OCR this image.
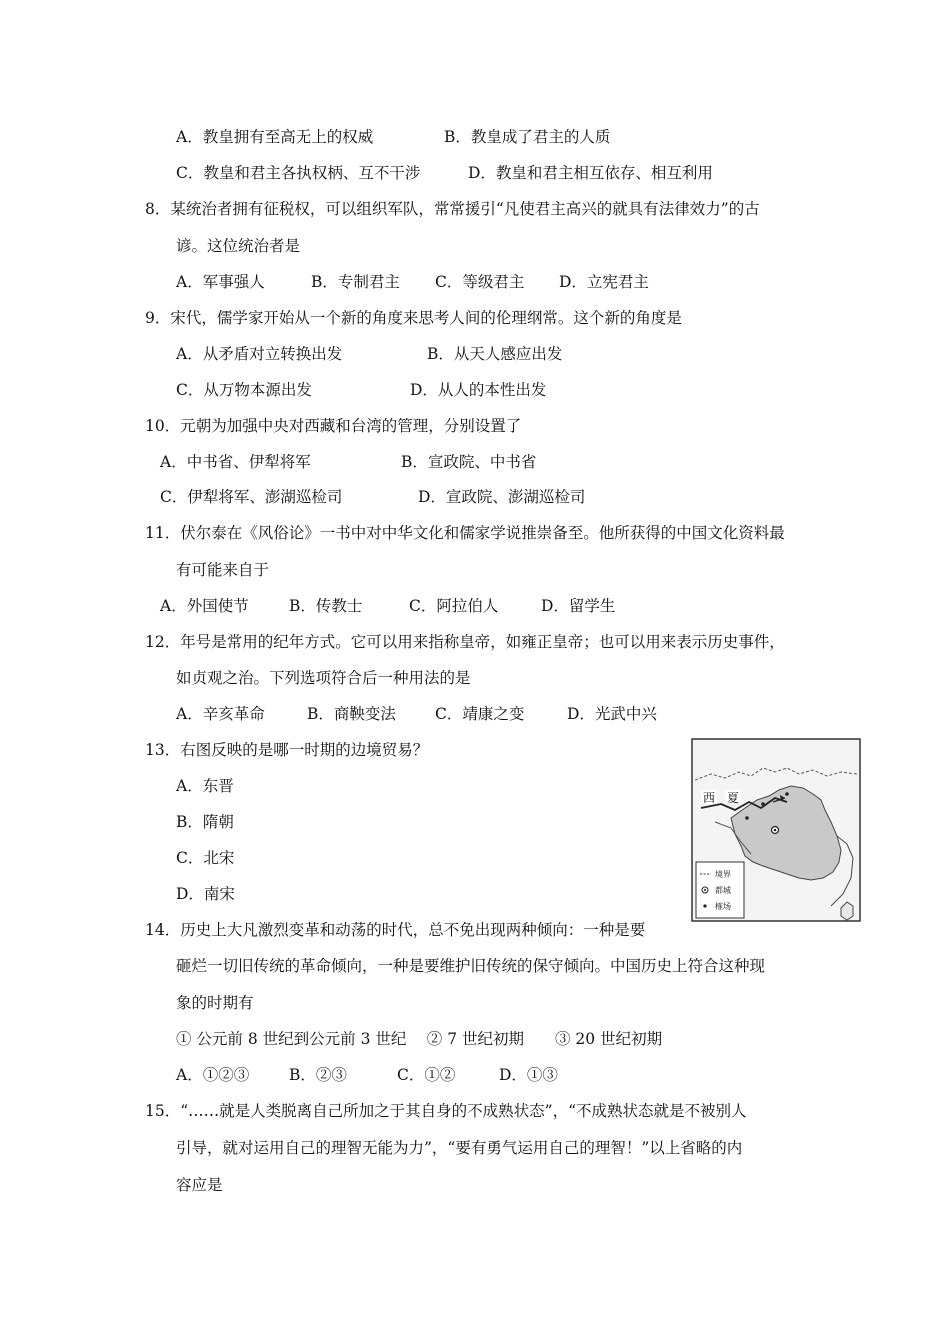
A．教皇拥有至高无上的权威	B．教皇成了君主的人质
C．教皇和君主各执权柄、互不干涉	D．教皇和君主相互依存、相互利用
8．某统治者拥有征税权，可以组织军队，常常援引“凡使君主高兴的就具有法律效力”的古
谚。这位统治者是
A．军事强人	B．专制君主 C．等级君主 D．立宪君主
9．宋代，儒学家开始从一个新的角度来思考人间的伦理纲常。这个新的角度是
A．从矛盾对立转换出发	B．从天人感应出发
C．从万物本源出发	D．从人的本性出发
10．元朝为加强中央对西藏和台湾的管理，分别设置了
A．中书省、伊犁将军	B．宣政院、中书省
C．伊犁将军、澎湖巡检司	D．宣政院、澎湖巡检司
11．伏尔泰在《风俗论》一书中对中华文化和儒家学说推崇备至。他所获得的中国文化资料最
有可能来自于
A．外国使节	B．传教士	C．阿拉伯人	D．留学生
12．年号是常用的纪年方式。它可以用来指称皇帝，如雍正皇帝；也可以用来表示历史事件，
如贞观之治。下列选项符合后一种用法的是
A．辛亥革命	B．商鞅变法	C．靖康之变	D．光武中兴
13．右图反映的是哪一时期的边境贸易？
A．东晋
B．隋朝
C．北宋
D．南宋
西 夏
境界
都城
榷场
14．历史上大凡激烈变革和动荡的时代，总不免出现两种倾向：一种是要
砸烂一切旧传统的革命倾向，一种是要维护旧传统的保守倾向。中国历史上符合这种现
象的时期有
① 公元前 8 世纪到公元前 3 世纪　 ② 7 世纪初期　　③ 20 世纪初期
A．①②③	B．②③	C．①②	D．①③
15．“……就是人类脱离自己所加之于其自身的不成熟状态”，“不成熟状态就是不被别人
引导，就对运用自己的理智无能为力”，“要有勇气运用自己的理智！”以上省略的内
容应是
